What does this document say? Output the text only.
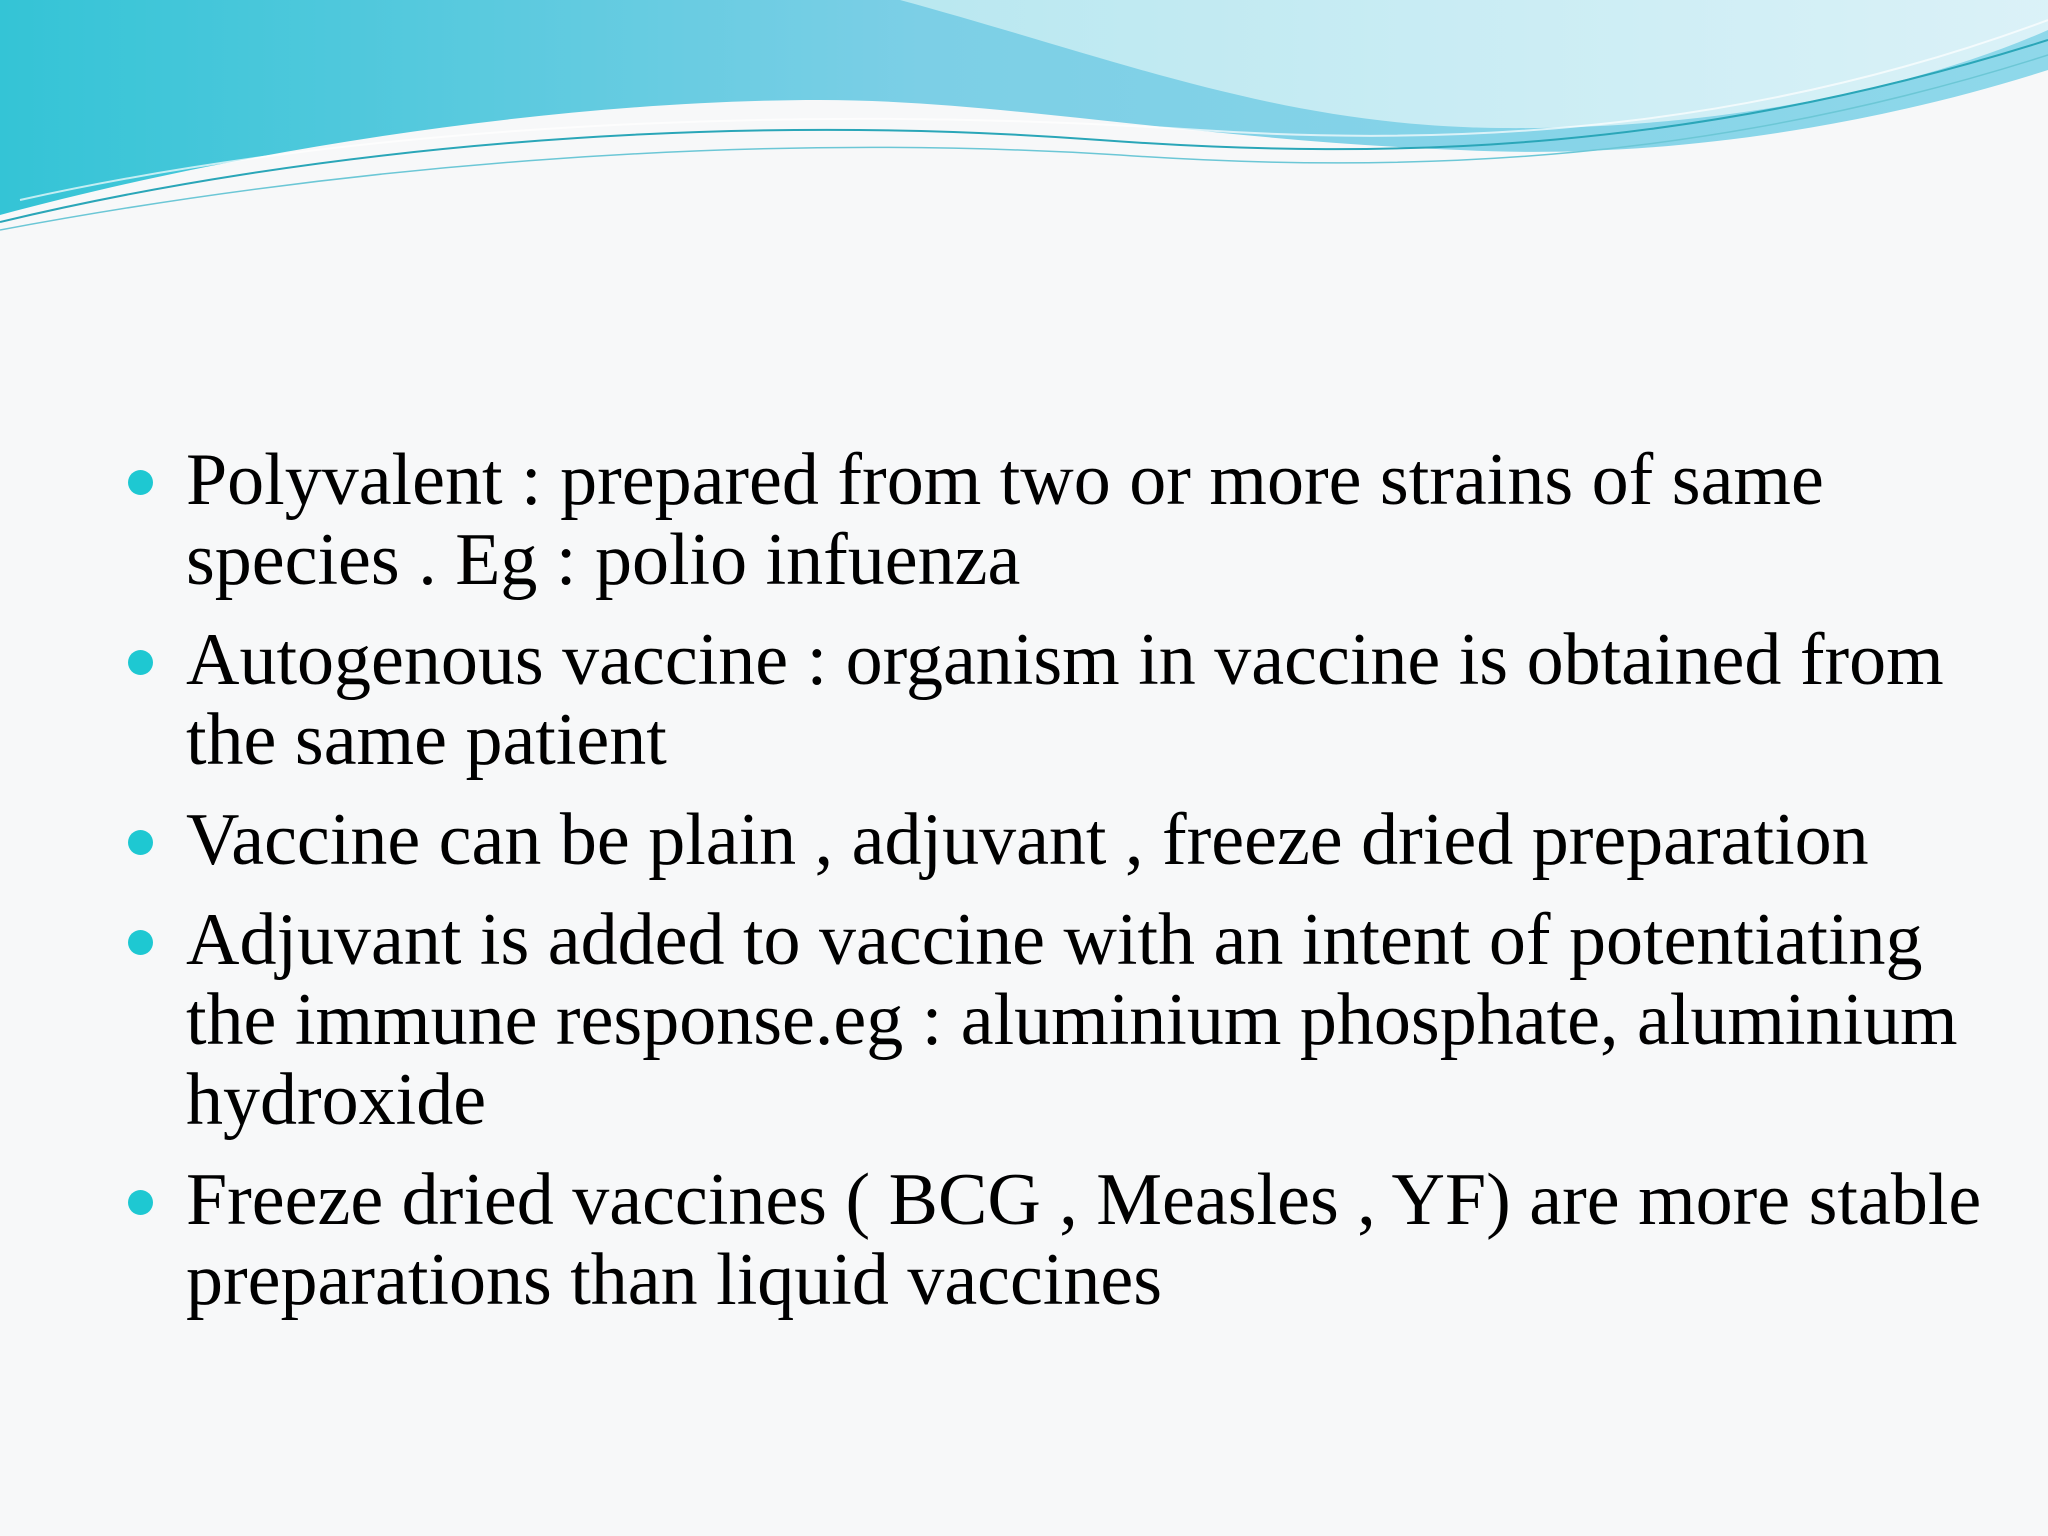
Polyvalent : prepared from two or more strains of same species . Eg : polio infuenza
Autogenous vaccine : organism in vaccine is obtained from the same patient
Vaccine can be plain , adjuvant , freeze dried preparation
Adjuvant is added to vaccine with an intent of potentiating the immune response.eg : aluminium phosphate, aluminium hydroxide
Freeze dried vaccines ( BCG , Measles , YF) are more stable preparations than liquid vaccines
